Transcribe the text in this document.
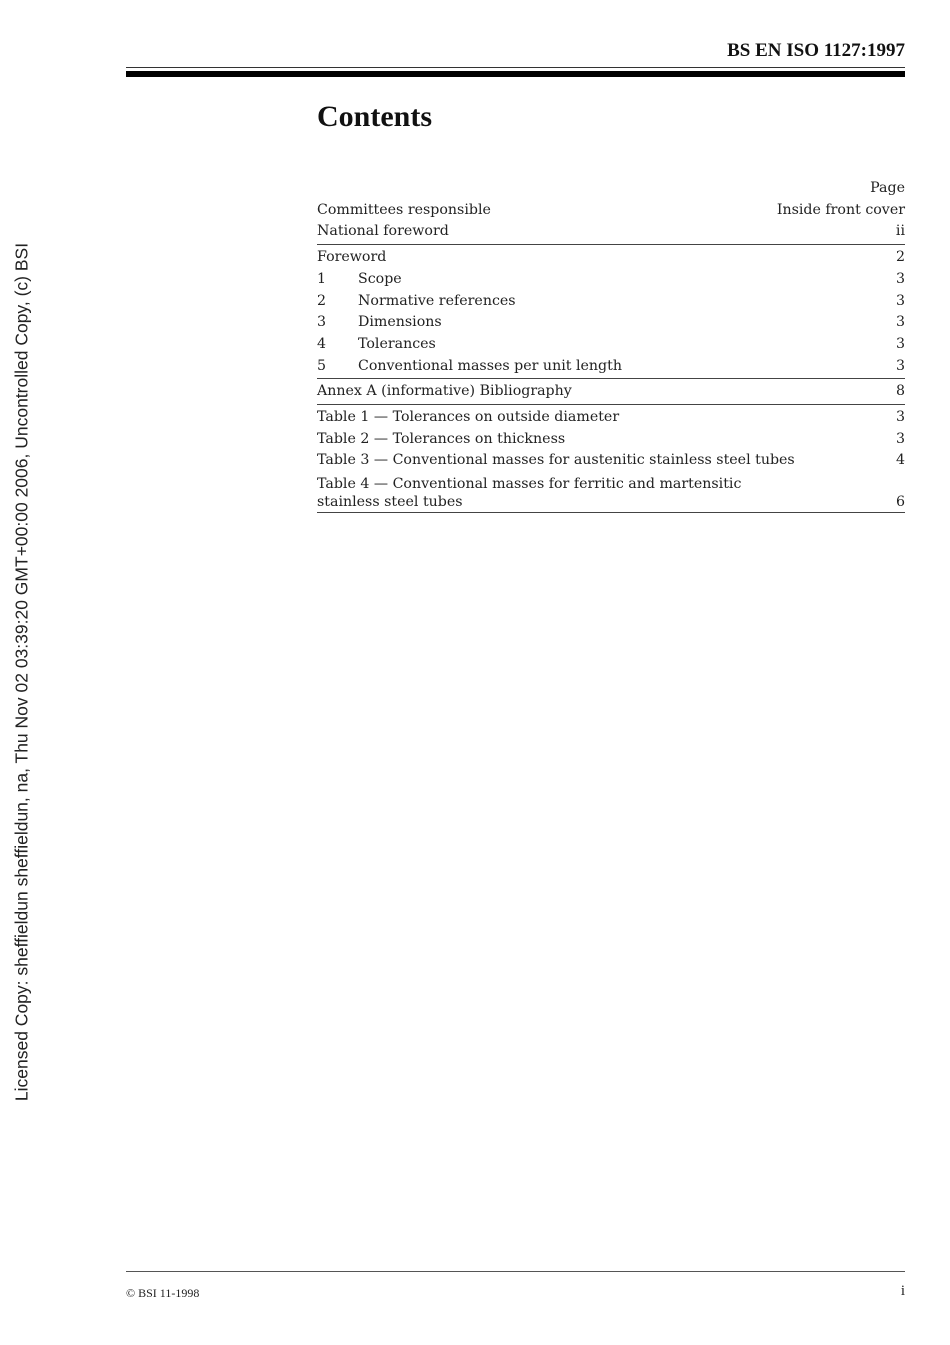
Licensed Copy: sheffieldun sheffieldun, na, Thu Nov 02 03:39:20 GMT+00:00 2006, Uncontrolled Copy, (c) BSI
BS EN ISO 1127:1997
Contents
Page
Committees responsible	Inside front cover
National foreword	ii
Foreword	2
1	Scope	3
2	Normative references	3
3	Dimensions	3
4	Tolerances	3
5	Conventional masses per unit length	3
Annex A (informative) Bibliography	8
Table 1 — Tolerances on outside diameter	3
Table 2 — Tolerances on thickness	3
Table 3 — Conventional masses for austenitic stainless steel tubes	4
Table 4 — Conventional masses for ferritic and martensitic
stainless steel tubes	6
© BSI 11-1998	i
